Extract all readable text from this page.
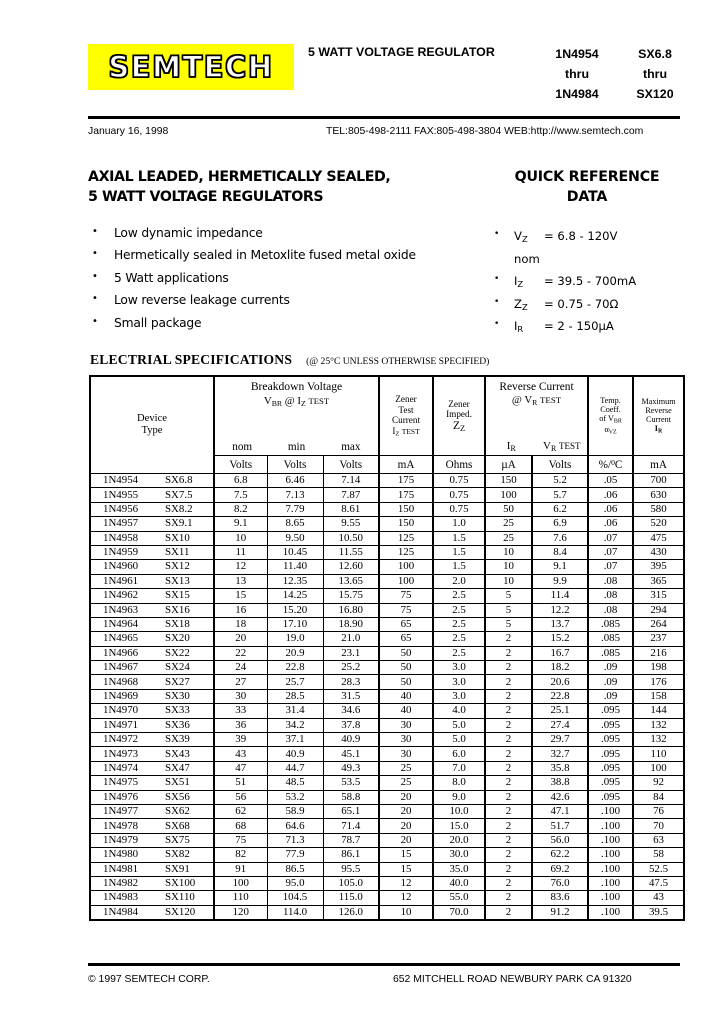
SEMTECH	5 WATT VOLTAGE REGULATOR	1N4954
thru
1N4984
SX6.8
thru
SX120
January 16, 1998	TEL:805-498-2111 FAX:805-498-3804 WEB:http://www.semtech.com
AXIAL LEADED, HERMETICALLY SEALED,
5 WATT VOLTAGE REGULATORS
•	Low dynamic impedance
•	Hermetically sealed in Metoxlite fused metal oxide
•	5 Watt applications
•	Low reverse leakage currents
•	Small package
QUICK REFERENCE
DATA
•	$V_Z$ nom
= 6.8 - 120V
•	$I_Z$	= 39.5 - 700mA
•	$Z_Z$	= 0.75 - 70Ω
•	$I_R$	= 2 - 150µA
ELECTRIAL SPECIFICATIONS	(@ 25°C UNLESS OTHERWISE SPECIFIED)
Device
Type

Breakdown Voltage
$V_{BR}$ @ $I_Z$ TEST
nom	min	max

Zener
Test
Current
$I_Z$ TEST

Zener
Imped.
$Z_Z$

Reverse Current
@ $V_R$ TEST
$I_R$	$V_R$ TEST

Temp.
Coeff.
of $V_{BR}$
$\alpha_{VZ}$

Maximum
Reverse
Current
$I_R$

	Volts	Volts	Volts	mA	Ohms	µA	Volts	%/$^0$C	mA

1N4954 SX6.8	6.8	6.46	7.14	175	0.75	150	5.2	.05	700

1N4955 SX7.5	7.5	7.13	7.87	175	0.75	100	5.7	.06	630

1N4956 SX8.2	8.2	7.79	8.61	150	0.75	50	6.2	.06	580

1N4957 SX9.1	9.1	8.65	9.55	150	1.0	25	6.9	.06	520

1N4958 SX10	10	9.50	10.50	125	1.5	25	7.6	.07	475

1N4959 SX11	11	10.45	11.55	125	1.5	10	8.4	.07	430

1N4960 SX12	12	11.40	12.60	100	1.5	10	9.1	.07	395

1N4961 SX13	13	12.35	13.65	100	2.0	10	9.9	.08	365

1N4962 SX15	15	14.25	15.75	75	2.5	5	11.4	.08	315

1N4963 SX16	16	15.20	16.80	75	2.5	5	12.2	.08	294

1N4964 SX18	18	17.10	18.90	65	2.5	5	13.7	.085	264

1N4965 SX20	20	19.0	21.0	65	2.5	2	15.2	.085	237

1N4966 SX22	22	20.9	23.1	50	2.5	2	16.7	.085	216

1N4967 SX24	24	22.8	25.2	50	3.0	2	18.2	.09	198

1N4968 SX27	27	25.7	28.3	50	3.0	2	20.6	.09	176

1N4969 SX30	30	28.5	31.5	40	3.0	2	22.8	.09	158

1N4970 SX33	33	31.4	34.6	40	4.0	2	25.1	.095	144

1N4971 SX36	36	34.2	37.8	30	5.0	2	27.4	.095	132

1N4972 SX39	39	37.1	40.9	30	5.0	2	29.7	.095	132

1N4973 SX43	43	40.9	45.1	30	6.0	2	32.7	.095	110

1N4974 SX47	47	44.7	49.3	25	7.0	2	35.8	.095	100

1N4975 SX51	51	48.5	53.5	25	8.0	2	38.8	.095	92

1N4976 SX56	56	53.2	58.8	20	9.0	2	42.6	.095	84

1N4977 SX62	62	58.9	65.1	20	10.0	2	47.1	.100	76

1N4978 SX68	68	64.6	71.4	20	15.0	2	51.7	.100	70

1N4979 SX75	75	71.3	78.7	20	20.0	2	56.0	.100	63

1N4980 SX82	82	77.9	86.1	15	30.0	2	62.2	.100	58

1N4981 SX91	91	86.5	95.5	15	35.0	2	69.2	.100	52.5

1N4982 SX100	100	95.0	105.0	12	40.0	2	76.0	.100	47.5

1N4983 SX110	110	104.5	115.0	12	55.0	2	83.6	.100	43

1N4984 SX120	120	114.0	126.0	10	70.0	2	91.2	.100	39.5
© 1997 SEMTECH CORP.	652 MITCHELL ROAD NEWBURY PARK CA 91320
